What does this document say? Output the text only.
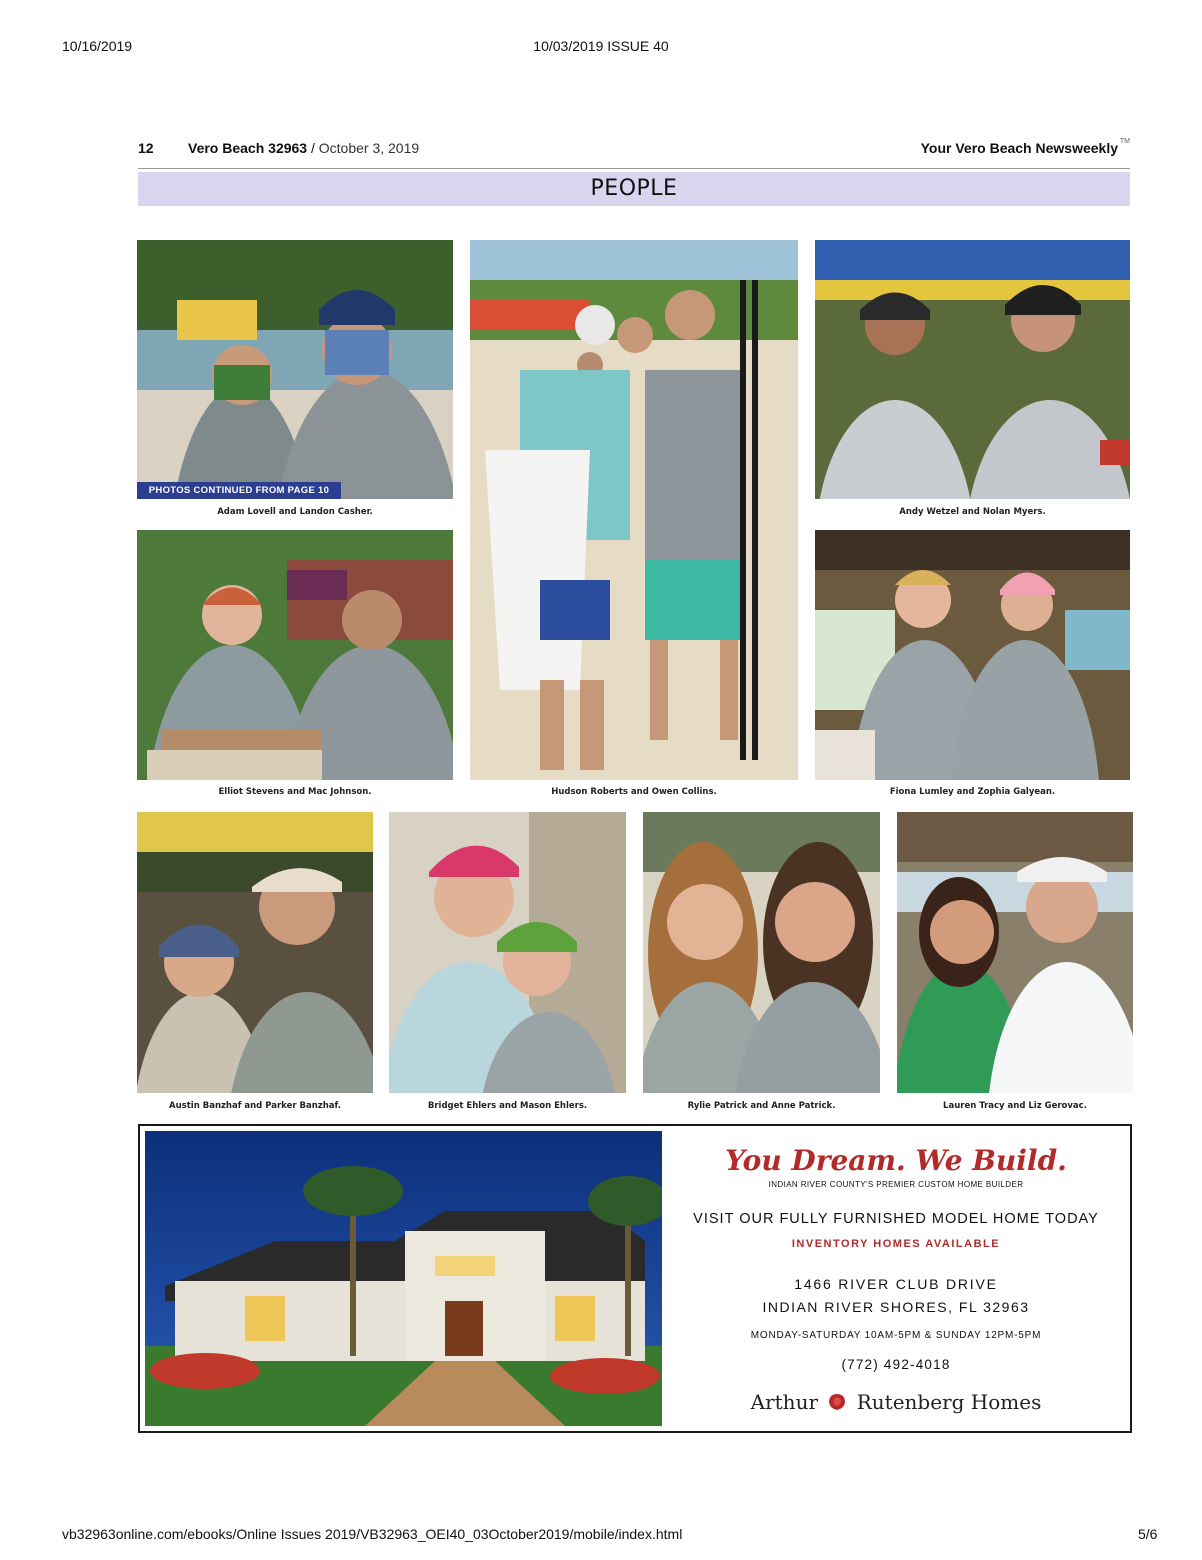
10/16/2019	10/03/2019 ISSUE 40
12 Vero Beach 32963 / October 3, 2019	Your Vero Beach Newsweekly TM
PEOPLE
PHOTOS CONTINUED FROM PAGE 10
Adam Lovell and Landon Casher.
Hudson Roberts and Owen Collins.
Andy Wetzel and Nolan Myers.
Elliot Stevens and Mac Johnson.	Fiona Lumley and Zophia Galyean.
Austin Banzhaf and Parker Banzhaf.	Bridget Ehlers and Mason Ehlers.	Rylie Patrick and Anne Patrick.	Lauren Tracy and Liz Gerovac.
You Dream. We Build.
INDIAN RIVER COUNTY'S PREMIER CUSTOM HOME BUILDER
VISIT OUR FULLY FURNISHED MODEL HOME TODAY
INVENTORY HOMES AVAILABLE
1466 RIVER CLUB DRIVE
INDIAN RIVER SHORES, FL 32963
MONDAY-SATURDAY 10AM-5PM & SUNDAY 12PM-5PM
(772) 492-4018
Arthur Rutenberg Homes
vb32963online.com/ebooks/Online Issues 2019/VB32963_OEI40_03October2019/mobile/index.html	5/6
